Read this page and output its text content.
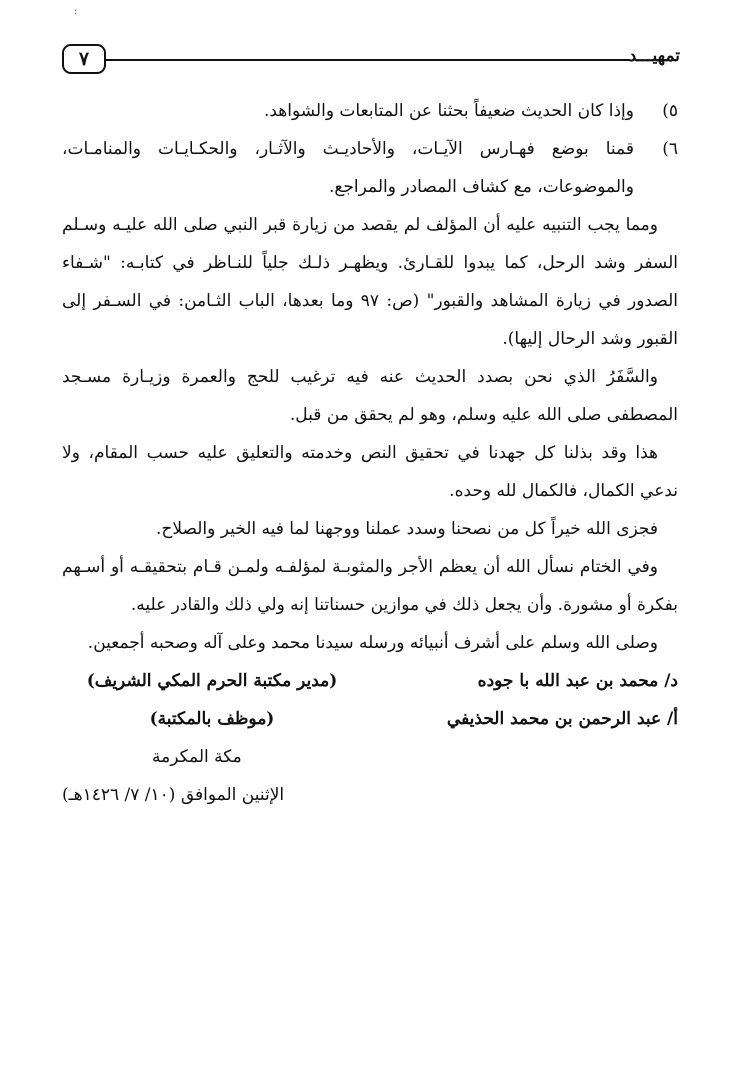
:
٧	تمهيـــد
٥)
وإذا كان الحديث ضعيفاً بحثنا عن المتابعات والشواهد.
٦)
قمنا بوضع فهـارس الآيـات، والأحاديـث والآثـار، والحكـايـات والمنامـات، والموضوعات، مع كشاف المصادر والمراجع.

ومما يجب التنبيه عليه أن المؤلف لم يقصد من زيارة قبر النبي صلى الله عليـه وسـلم السفر وشد الرحل، كما يبدوا للقـارئ. ويظهـر ذلـك جلياً للنـاظر في كتابـه: "شـفاء الصدور في زيارة المشاهد والقبور" (ص: ٩٧ وما بعدها، الباب الثـامن: في السـفر إلى القبور وشد الرحال إليها).

والسَّفَرُ الذي نحن بصدد الحديث عنه فيه ترغيب للحج والعمرة وزيـارة مسـجد المصطفى صلى الله عليه وسلم، وهو لم يحقق من قبل.

هذا وقد بذلنا كل جهدنا في تحقيق النص وخدمته والتعليق عليه حسب المقام، ولا ندعي الكمال، فالكمال لله وحده.

فجزى الله خيراً كل من نصحنا وسدد عملنا ووجهنا لما فيه الخير والصلاح.

وفي الختام نسأل الله أن يعظم الأجر والمثوبـة لمؤلفـه ولمـن قـام بتحقيقـه أو أسـهم بفكرة أو مشورة. وأن يجعل ذلك في موازين حسناتنا إنه ولي ذلك والقادر عليه.

وصلى الله وسلم على أشرف أنبيائه ورسله سيدنا محمد وعلى آله وصحبه أجمعين.

د/ محمد بن عبد الله با جوده
(مدير مكتبة الحرم المكي الشريف)
أ/ عبد الرحمن بن محمد الحذيفي
(موظف بالمكتبة)
مكة المكرمة
الإثنين الموافق (١٠/ ٧/ ١٤٢٦هـ)
